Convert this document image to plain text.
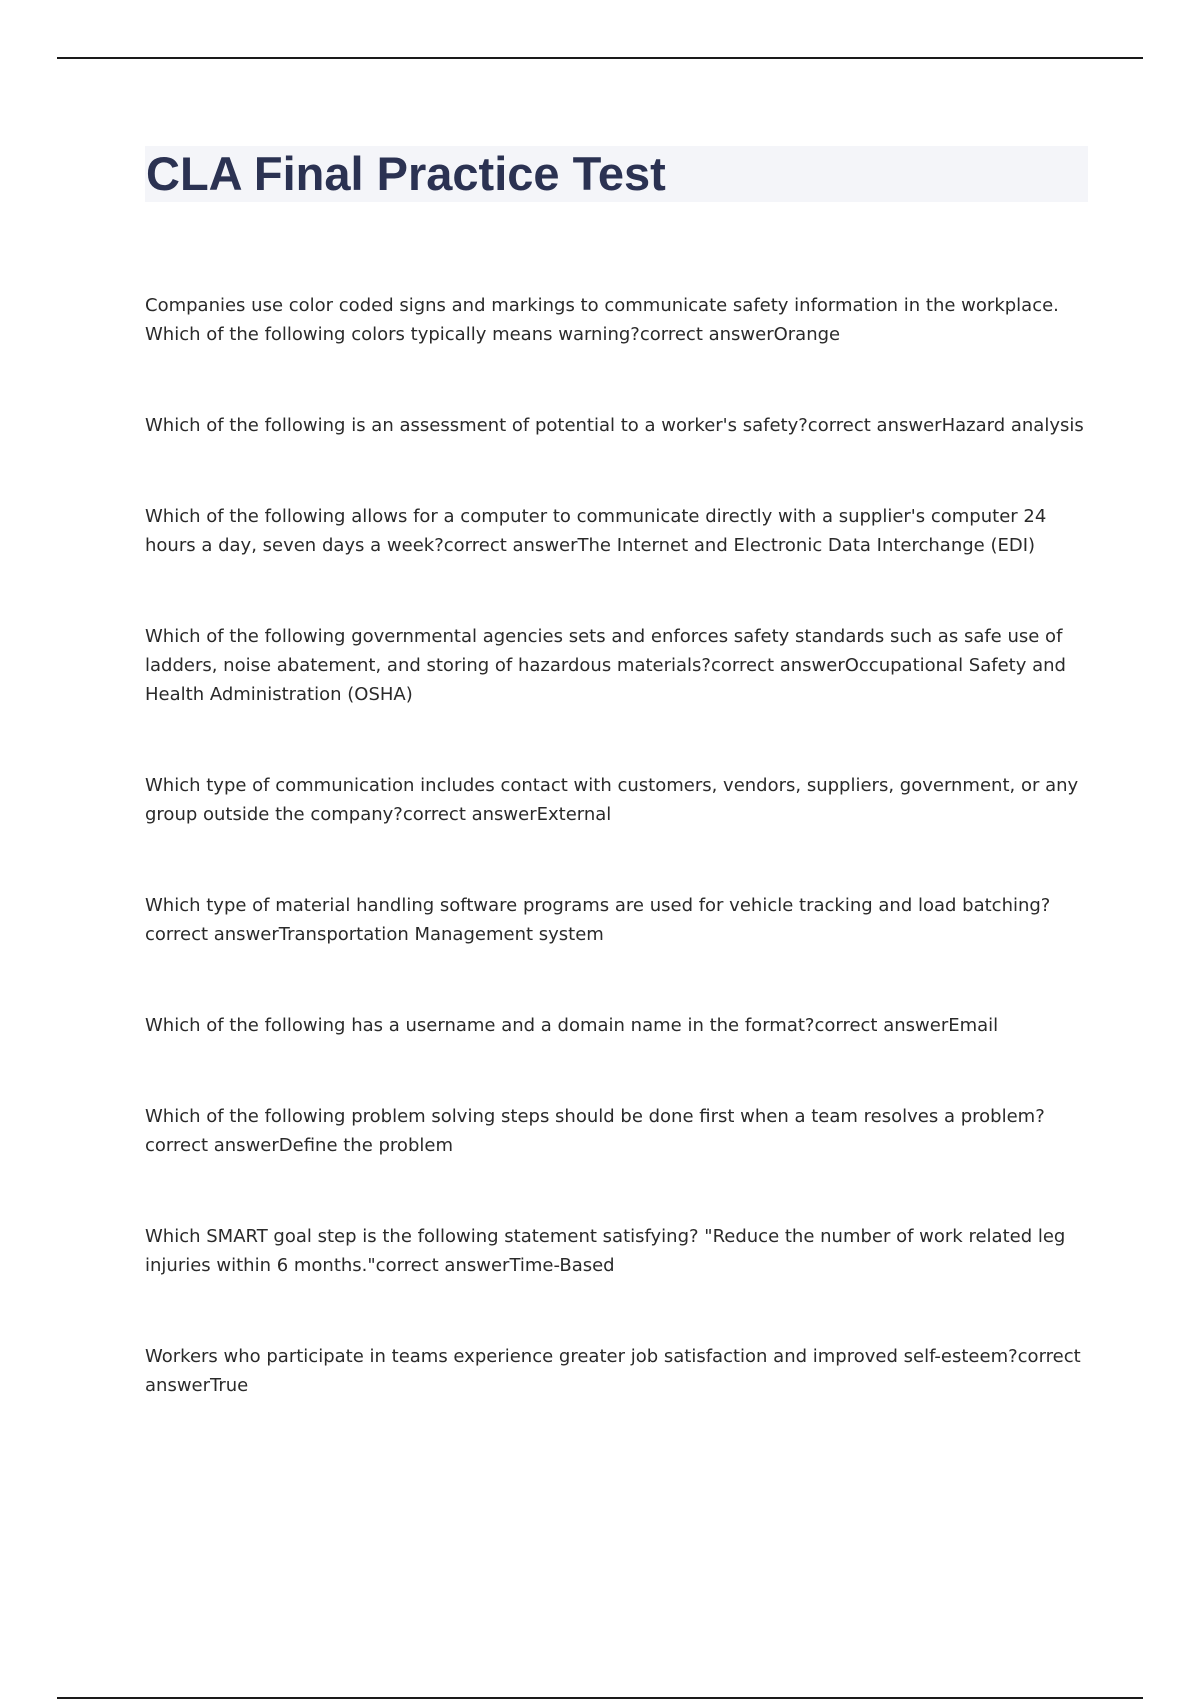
CLA Final Practice Test
Companies use color coded signs and markings to communicate safety information in the workplace. Which of the following colors typically means warning?correct answerOrange
Which of the following is an assessment of potential to a worker's safety?correct answerHazard analysis
Which of the following allows for a computer to communicate directly with a supplier's computer 24 hours a day, seven days a week?correct answerThe Internet and Electronic Data Interchange (EDI)
Which of the following governmental agencies sets and enforces safety standards such as safe use of ladders, noise abatement, and storing of hazardous materials?correct answerOccupational Safety and Health Administration (OSHA)
Which type of communication includes contact with customers, vendors, suppliers, government, or any group outside the company?correct answerExternal
Which type of material handling software programs are used for vehicle tracking and load batching?correct answerTransportation Management system
Which of the following has a username and a domain name in the format?correct answerEmail
Which of the following problem solving steps should be done first when a team resolves a problem?correct answerDefine the problem
Which SMART goal step is the following statement satisfying? "Reduce the number of work related leg injuries within 6 months."correct answerTime-Based
Workers who participate in teams experience greater job satisfaction and improved self-esteem?correct answerTrue
